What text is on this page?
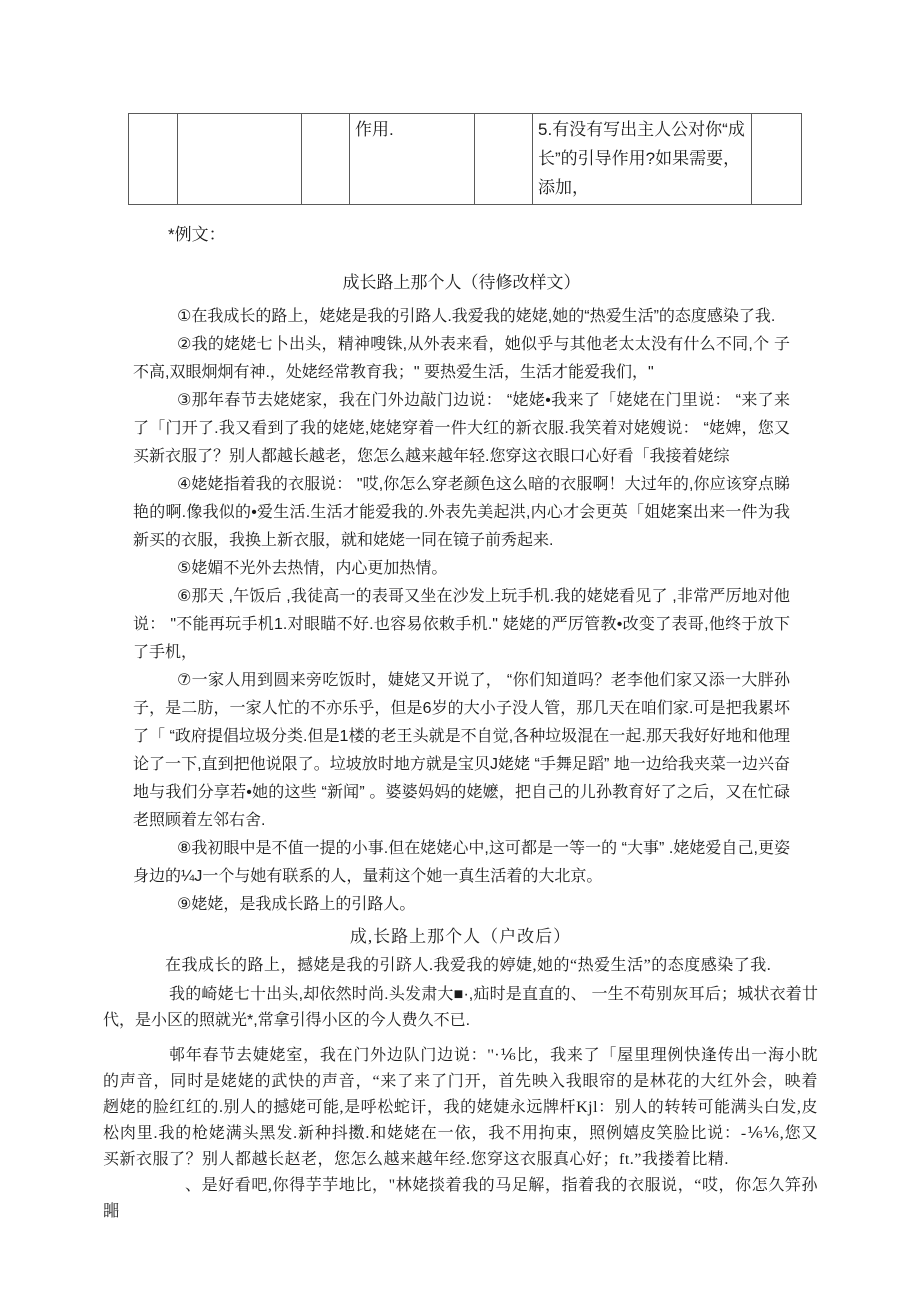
			作用.		5.有没有写出主人公对你“成长”的引导作用?如果需要，添加，	
*例文：
成长路上那个人（待修改样文）

①在我成长的路上，姥姥是我的引路人.我爱我的姥姥,她的“热爱生活”的态度感染了我.

②我的姥姥七卜出头，精神嗖铢,从外表来看，她似乎与其他老太太没有什么不同,个 子不高,双眼炯炯有神.，处姥经常教育我；" 要热爱生活，生活才能爱我们，"

③那年春节去姥姥家，我在门外边敲门边说： “姥姥•我来了「姥姥在门里说： “来了来了「门开了.我又看到了我的姥姥,姥姥穿着一件大红的新衣服.我笑着对姥嫂说： “姥婢，您又买新衣服了？别人都越长越老，您怎么越来越年轻.您穿这衣眼口心好看「我接着姥综

④姥姥指着我的衣服说： "哎,你怎么穿老颜色这么暗的衣服啊！大过年的,你应该穿点睇艳的啊.像我似的•爱生活.生活才能爱我的.外表先美起洪,内心才会更英「姐姥案出来一件为我新买的衣服，我换上新衣服，就和姥姥一同在镜子前秀起来.

⑤姥媚不光外去热情，内心更加热情。

⑥那天 ,午饭后 ,我徒高一的表哥又坐在沙发上玩手机.我的姥姥看见了 ,非常严厉地对他说： "不能再玩手机1.对眼瞄不好.也容易依敕手机." 姥姥的严厉管教•改变了表哥,他终于放下了手机，

⑦一家人用到圆来旁吃饭时，婕姥又开说了， “你们知道吗？老李他们家又添一大胖孙子，是二肪，一家人忙的不亦乐乎，但是6岁的大小子没人管，那几天在咱们家.可是把我累坏了「 “政府提倡垃圾分类.但是1楼的老王头就是不自觉,各种垃圾混在一起.那天我好好地和他理论了一下,直到把他说限了。垃坡放时地方就是宝贝J姥姥 “手舞足蹈” 地一边给我夹菜一边兴奋地与我们分享若•她的这些 “新闻” 。婆婆妈妈的姥嬷，把自己的儿孙教育好了之后，又在忙碌老照顾着左邻右舍.

⑧我初眼中是不值一提的小事.但在姥姥心中,这可都是一等一的 “大事” .姥姥爱自己,更姿身边的¼J一个与她有联系的人，量莉这个她一真生活着的大北京。

⑨姥姥，是我成长路上的引路人。

成,长路上那个人（户改后）

在我成长的路上，撼姥是我的引跻人.我爱我的婷婕,她的“热爱生活”的态度感染了我.

我的崎姥七十出头,却依然时尚.头发肃大■·,疝时是直直的、 一生不苟别灰耳后；城状衣着廿代，是小区的照就光*,常拿引得小区的今人费久不已.

邨年春节去婕姥室，我在门外边队门边说：''·⅙比，我来了「屋里理例快逢传出一海小眈的声音，同时是姥姥的武快的声音，“来了来了门开，首先映入我眼帘的是林花的大红外会，映着趔姥的脸红红的.别人的撼姥可能,是呼松蛇讦，我的姥婕永远牌杆Kjl：别人的转转可能满头白发,皮松肉里.我的枪姥满头黑发.新种抖擞.和姥姥在一依，我不用拘束，照例嬉皮笑脸比说：-⅙⅙,您又买新衣服了？别人都越长赵老，您怎么越来越年经.您穿这衣服真心好；ft.”我搂着比精.

、是好看吧,你得芋芋地比，"林姥掞着我的马足解，指着我的衣服说，“哎，你怎久笄孙嘂
